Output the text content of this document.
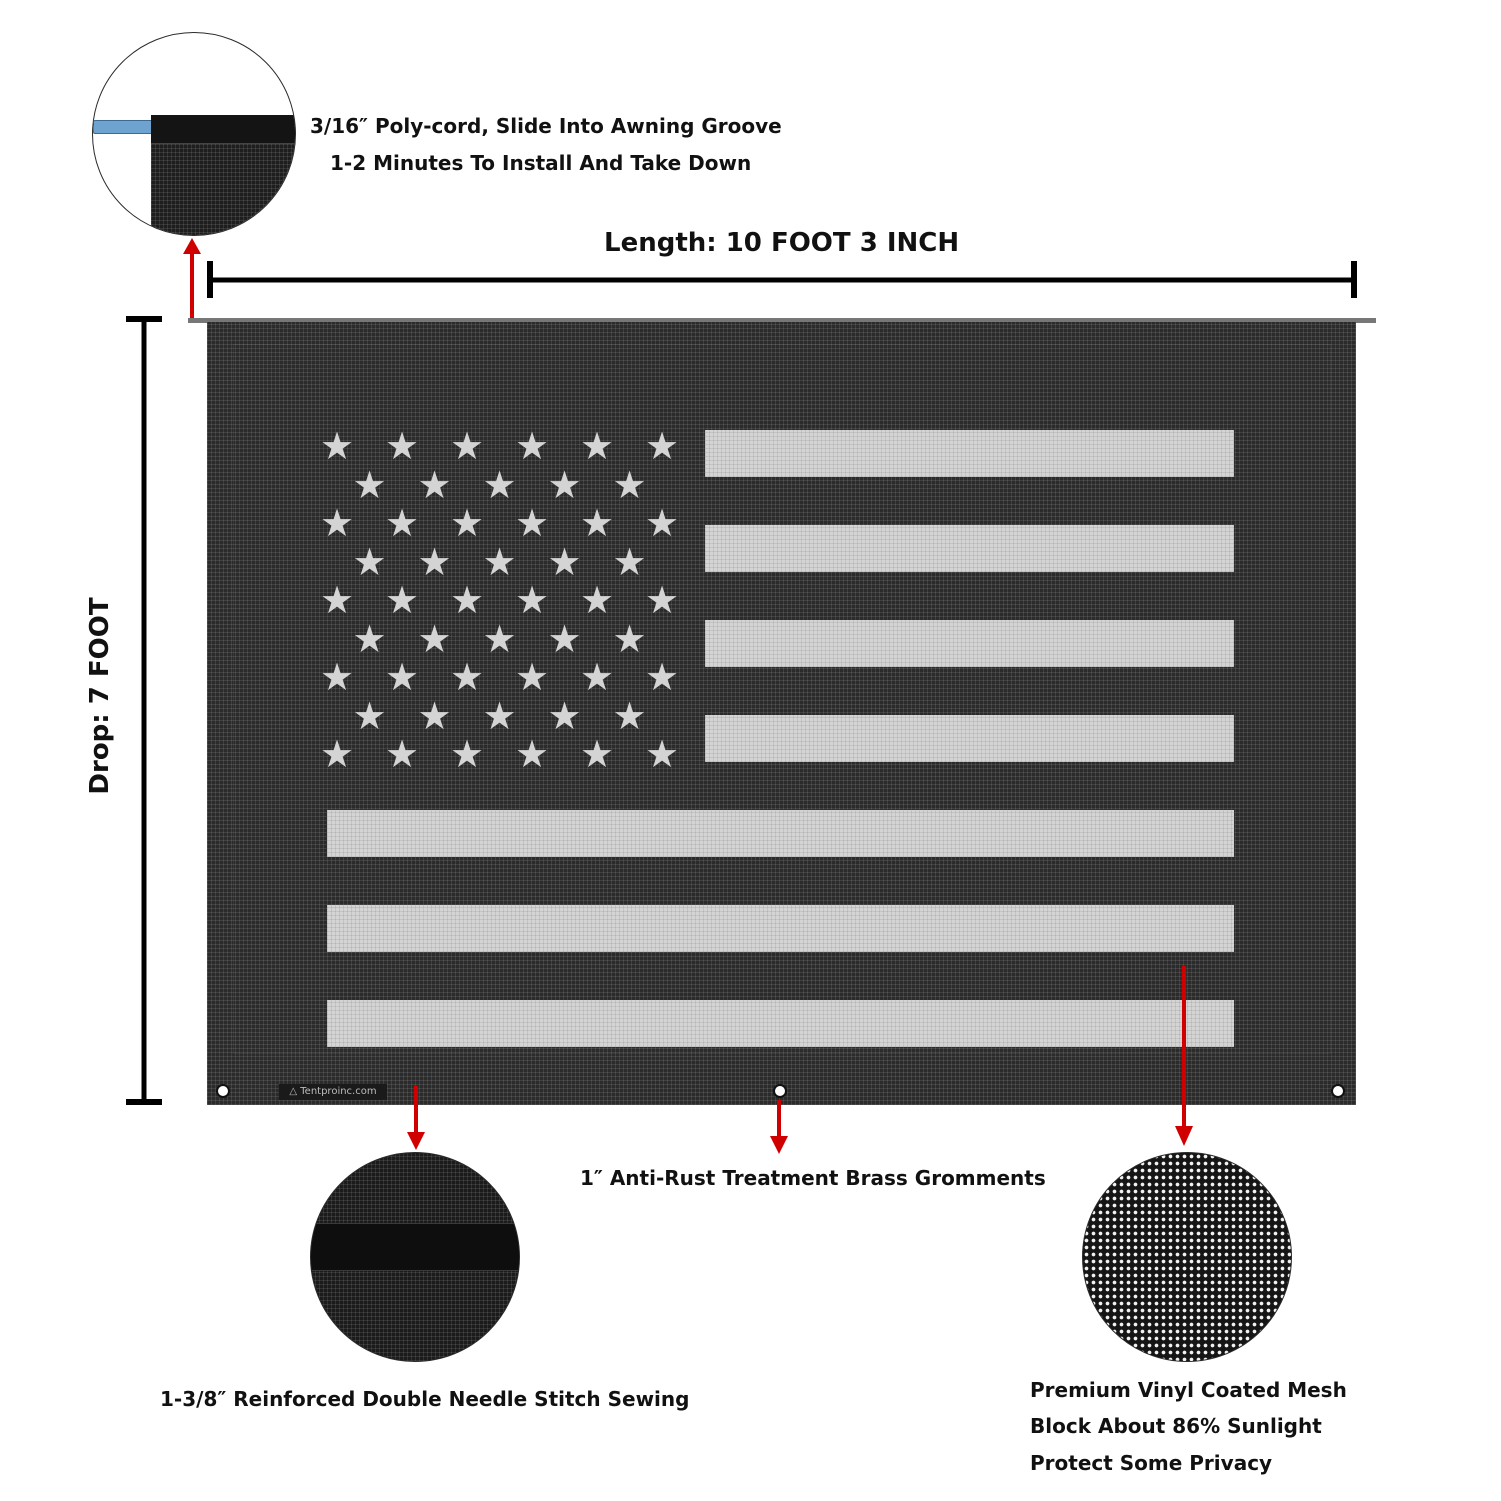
3/16″ Poly-cord, Slide Into Awning Groove
1-2 Minutes To Install And Take Down
Length: 10 FOOT 3 INCH
Drop: 7 FOOT
★ ★ ★ ★ ★ ★
★ ★ ★ ★ ★
★ ★ ★ ★ ★ ★
★ ★ ★ ★ ★
★ ★ ★ ★ ★ ★
★ ★ ★ ★ ★
★ ★ ★ ★ ★ ★
★ ★ ★ ★ ★
★ ★ ★ ★ ★ ★
△ Tentproinc.com
1″ Anti-Rust Treatment Brass Gromments
1-3/8″ Reinforced Double Needle Stitch Sewing	Premium Vinyl Coated Mesh
Block About 86% Sunlight
Protect Some Privacy
